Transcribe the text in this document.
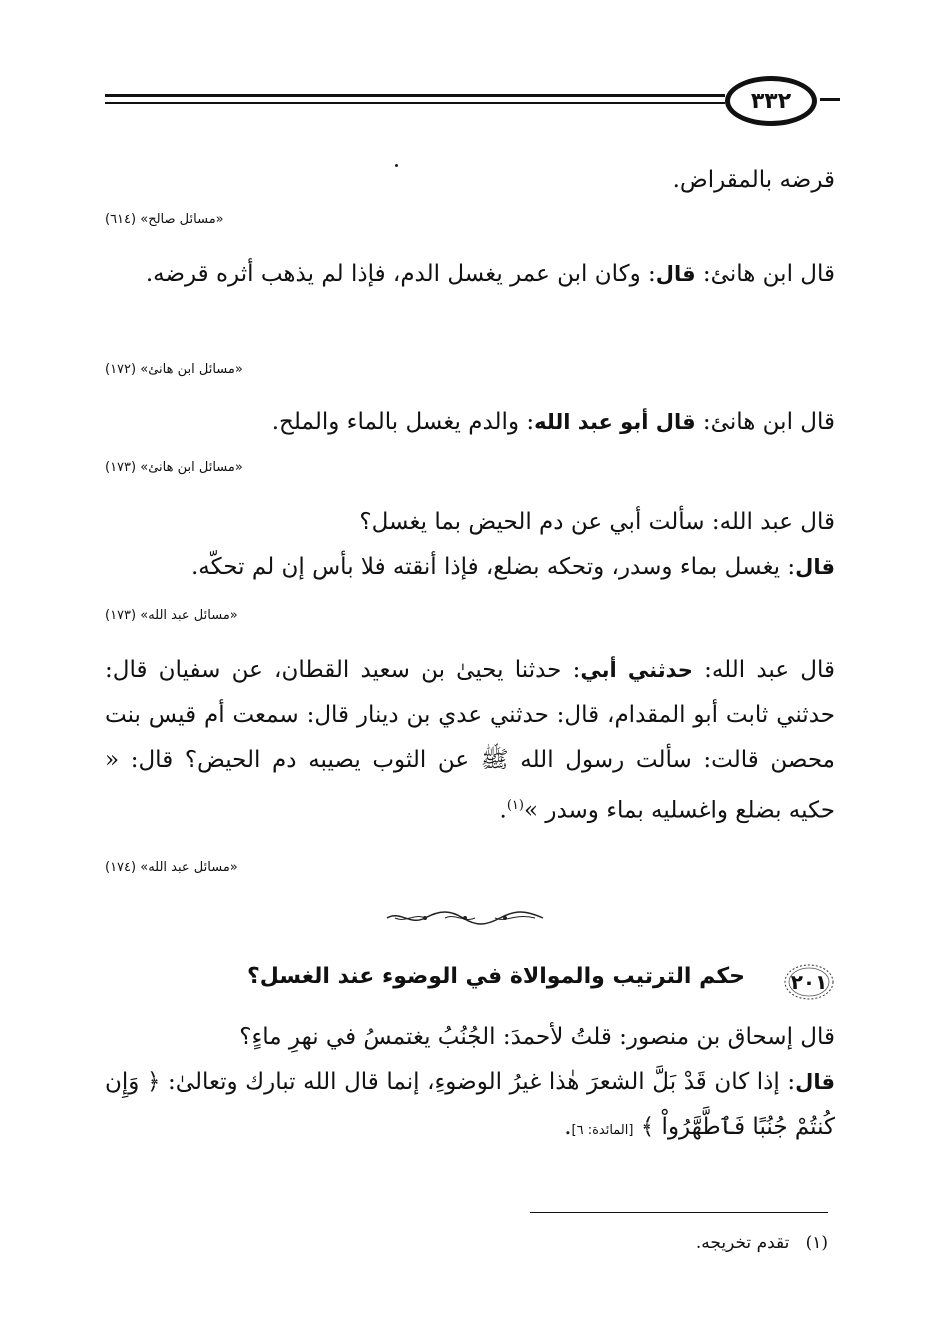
٣٣٢

قرضه بالمقراض.

«مسائل صالح» (٦١٤)

قال ابن هانئ: قال: وكان ابن عمر يغسل الدم، فإذا لم يذهب أثره قرضه.

«مسائل ابن هانئ» (١٧٢)

قال ابن هانئ: قال أبو عبد الله: والدم يغسل بالماء والملح.

«مسائل ابن هانئ» (١٧٣)

قال عبد الله: سألت أبي عن دم الحيض بما يغسل؟

قال: يغسل بماء وسدر، وتحكه بضلع، فإذا أنقته فلا بأس إن لم تحكّه.

«مسائل عبد الله» (١٧٣)

قال عبد الله: حدثني أبي: حدثنا يحيىٰ بن سعيد القطان، عن سفيان قال: حدثني ثابت أبو المقدام، قال: حدثني عدي بن دينار قال: سمعت أم قيس بنت محصن قالت: سألت رسول الله ﷺ عن الثوب يصيبه دم الحيض؟ قال: « حكيه بضلع واغسليه بماء وسدر »$^{(١)}$.

«مسائل عبد الله» (١٧٤)

٢٠١
حكم الترتيب والموالاة في الوضوء عند الغسل؟

قال إسحاق بن منصور: قلتُ لأحمدَ: الجُنُبُ يغتمسُ في نهرِ ماءٍ؟

قال: إذا كان قَدْ بَلَّ الشعرَ هٰذا غيرُ الوضوءِ، إنما قال الله تبارك وتعالىٰ: ﴿ وَإِن كُنتُمْ جُنُبًا فَٱطَّهَّرُواْ ﴾ [المائدة: ٦].

(١)   تقدم تخريجه.
